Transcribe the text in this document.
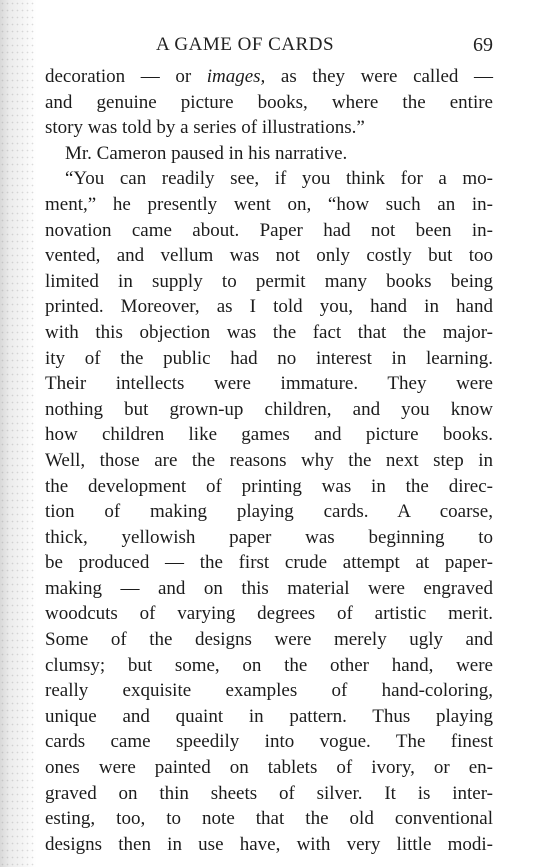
A GAME OF CARDS	69
decoration — or images, as they were called —
and genuine picture books, where the entire
story was told by a series of illustrations.”
Mr. Cameron paused in his narrative.
“You can readily see, if you think for a mo-
ment,” he presently went on, “how such an in-
novation came about. Paper had not been in-
vented, and vellum was not only costly but too
limited in supply to permit many books being
printed. Moreover, as I told you, hand in hand
with this objection was the fact that the major-
ity of the public had no interest in learning.
Their intellects were immature. They were
nothing but grown-up children, and you know
how children like games and picture books.
Well, those are the reasons why the next step in
the development of printing was in the direc-
tion of making playing cards. A coarse,
thick, yellowish paper was beginning to
be produced — the first crude attempt at paper-
making — and on this material were engraved
woodcuts of varying degrees of artistic merit.
Some of the designs were merely ugly and
clumsy; but some, on the other hand, were
really exquisite examples of hand-coloring,
unique and quaint in pattern. Thus playing
cards came speedily into vogue. The finest
ones were painted on tablets of ivory, or en-
graved on thin sheets of silver. It is inter-
esting, too, to note that the old conventional
designs then in use have, with very little modi-
